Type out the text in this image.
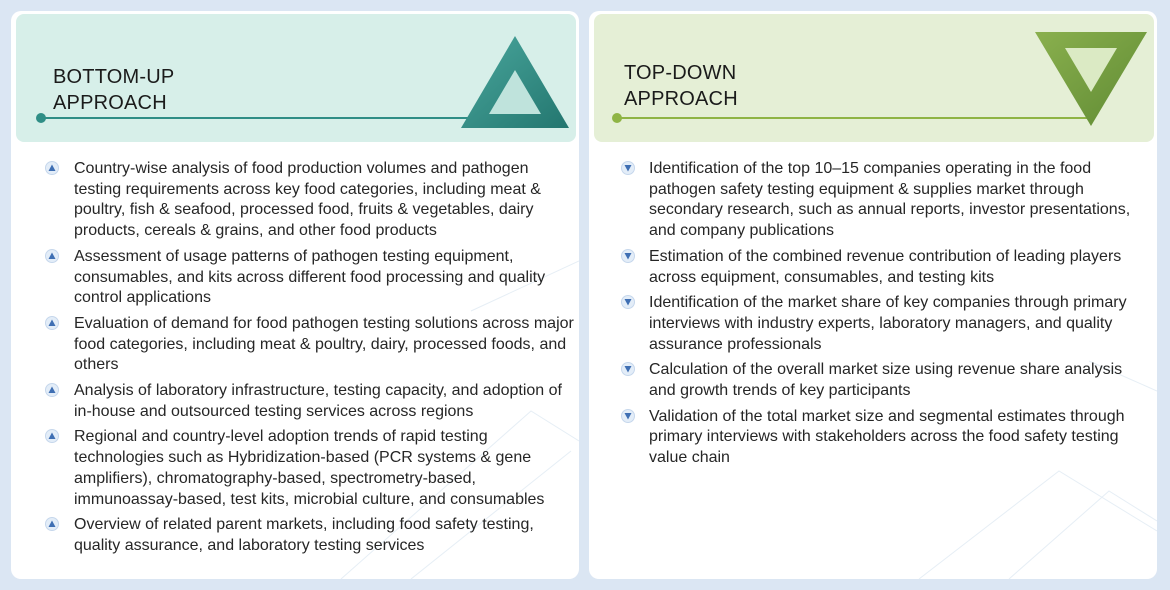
BOTTOM-UP
APPROACH
Country-wise analysis of food production volumes and pathogen testing requirements across key food categories, including meat & poultry, fish & seafood, processed food, fruits & vegetables, dairy products, cereals & grains, and other food products
Assessment of usage patterns of pathogen testing equipment, consumables, and kits across different food processing and quality control applications
Evaluation of demand for food pathogen testing solutions across major food categories, including meat & poultry, dairy, processed foods, and others
Analysis of laboratory infrastructure, testing capacity, and adoption of in-house and outsourced testing services across regions
Regional and country-level adoption trends of rapid testing technologies such as Hybridization-based (PCR systems & gene amplifiers), chromatography-based, spectrometry-based, immunoassay-based, test kits, microbial culture, and consumables
Overview of related parent markets, including food safety testing, quality assurance, and laboratory testing services
TOP-DOWN
APPROACH
Identification of the top 10–15 companies operating in the food pathogen safety testing equipment & supplies market through secondary research, such as annual reports, investor presentations, and company publications
Estimation of the combined revenue contribution of leading players across equipment, consumables, and testing kits
Identification of the market share of key companies through primary interviews with industry experts, laboratory managers, and quality assurance professionals
Calculation of the overall market size using revenue share analysis and growth trends of key participants
Validation of the total market size and segmental estimates through primary interviews with stakeholders across the food safety testing value chain
